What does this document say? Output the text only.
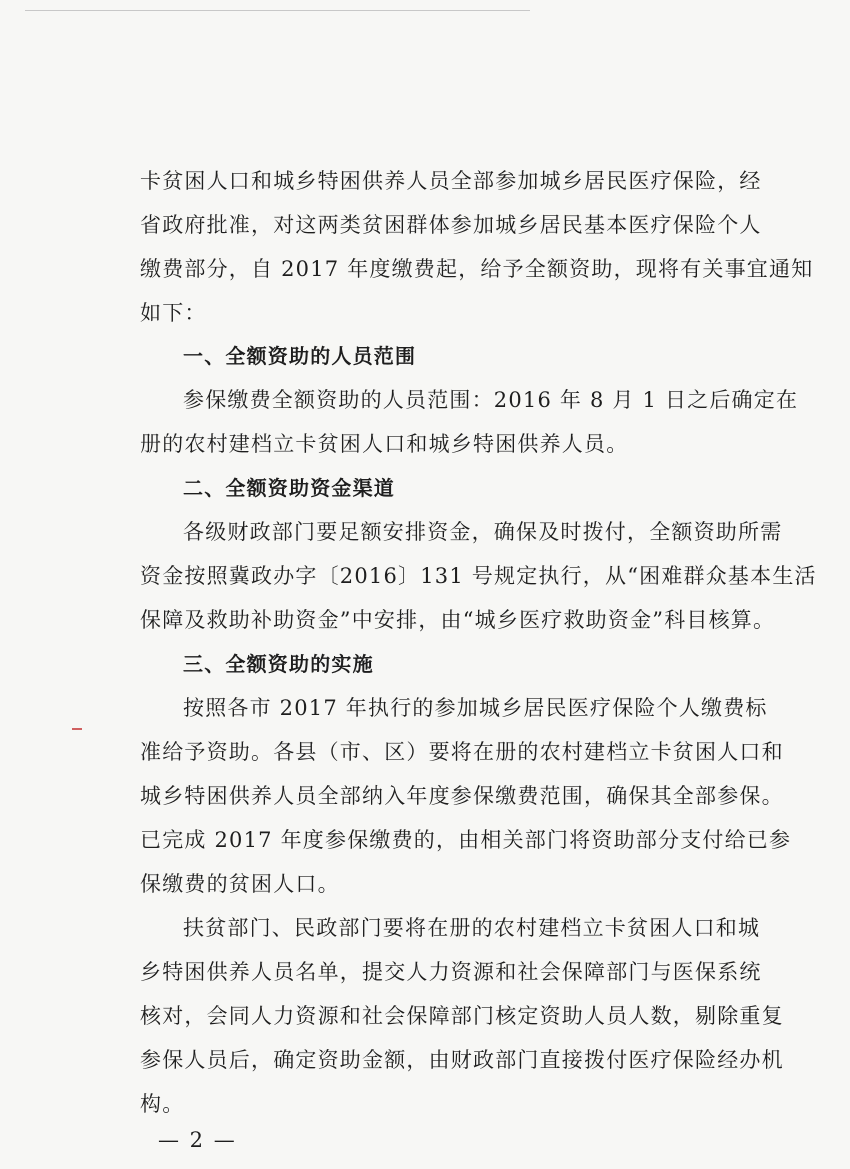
卡贫困人口和城乡特困供养人员全部参加城乡居民医疗保险，经
省政府批准，对这两类贫困群体参加城乡居民基本医疗保险个人
缴费部分，自 2017 年度缴费起，给予全额资助，现将有关事宜通知
如下：
一、全额资助的人员范围
参保缴费全额资助的人员范围：2016 年 8 月 1 日之后确定在
册的农村建档立卡贫困人口和城乡特困供养人员。
二、全额资助资金渠道
各级财政部门要足额安排资金，确保及时拨付，全额资助所需
资金按照冀政办字〔2016〕131 号规定执行，从“困难群众基本生活
保障及救助补助资金”中安排，由“城乡医疗救助资金”科目核算。
三、全额资助的实施
按照各市 2017 年执行的参加城乡居民医疗保险个人缴费标
准给予资助。各县（市、区）要将在册的农村建档立卡贫困人口和
城乡特困供养人员全部纳入年度参保缴费范围，确保其全部参保。
已完成 2017 年度参保缴费的，由相关部门将资助部分支付给已参
保缴费的贫困人口。
扶贫部门、民政部门要将在册的农村建档立卡贫困人口和城
乡特困供养人员名单，提交人力资源和社会保障部门与医保系统
核对，会同人力资源和社会保障部门核定资助人员人数，剔除重复
参保人员后，确定资助金额，由财政部门直接拨付医疗保险经办机
构。
— 2 —
